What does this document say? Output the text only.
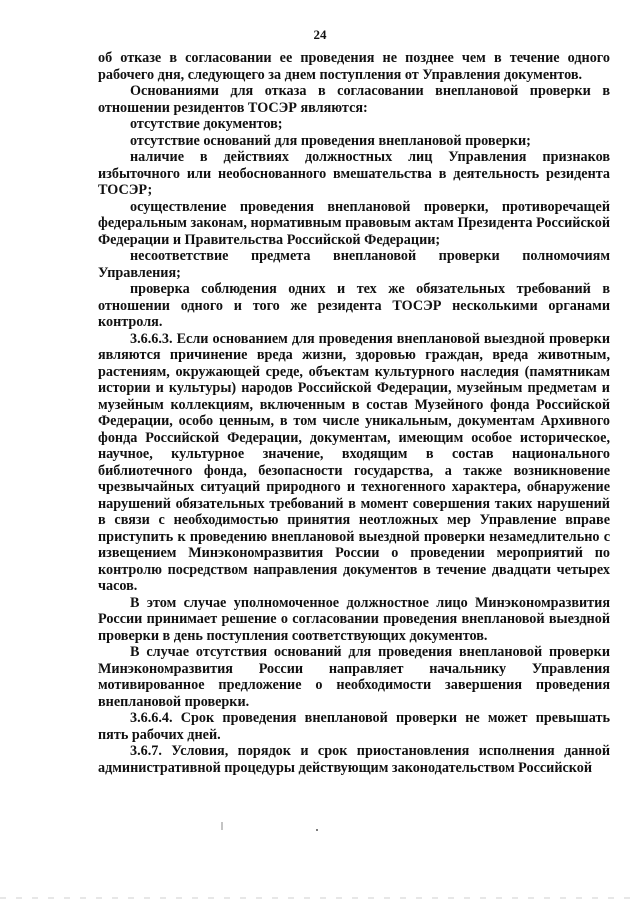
24

об отказе в согласовании ее проведения не позднее чем в течение одного рабочего дня, следующего за днем поступления от Управления документов.

Основаниями для отказа в согласовании внеплановой проверки в отношении резидентов ТОСЭР являются:

отсутствие документов;

отсутствие оснований для проведения внеплановой проверки;

наличие в действиях должностных лиц Управления признаков избыточного или необоснованного вмешательства в деятельность резидента ТОСЭР;

осуществление проведения внеплановой проверки, противоречащей федеральным законам, нормативным правовым актам Президента Российской Федерации и Правительства Российской Федерации;

несоответствие предмета внеплановой проверки полномочиям Управления;

проверка соблюдения одних и тех же обязательных требований в отношении одного и того же резидента ТОСЭР несколькими органами контроля.

3.6.6.3. Если основанием для проведения внеплановой выездной проверки являются причинение вреда жизни, здоровью граждан, вреда животным, растениям, окружающей среде, объектам культурного наследия (памятникам истории и культуры) народов Российской Федерации, музейным предметам и музейным коллекциям, включенным в состав Музейного фонда Российской Федерации, особо ценным, в том числе уникальным, документам Архивного фонда Российской Федерации, документам, имеющим особое историческое, научное, культурное значение, входящим в состав национального библиотечного фонда, безопасности государства, а также возникновение чрезвычайных ситуаций природного и техногенного характера, обнаружение нарушений обязательных требований в момент совершения таких нарушений в связи с необходимостью принятия неотложных мер Управление вправе приступить к проведению внеплановой выездной проверки незамедлительно с извещением Минэкономразвития России о проведении мероприятий по контролю посредством направления документов в течение двадцати четырех часов.

В этом случае уполномоченное должностное лицо Минэкономразвития России принимает решение о согласовании проведения внеплановой выездной проверки в день поступления соответствующих документов.

В случае отсутствия оснований для проведения внеплановой проверки Минэкономразвития России направляет начальнику Управления мотивированное предложение о необходимости завершения проведения внеплановой проверки.

3.6.6.4. Срок проведения внеплановой проверки не может превышать пять рабочих дней.

3.6.7. Условия, порядок и срок приостановления исполнения данной административной процедуры действующим законодательством Российской
